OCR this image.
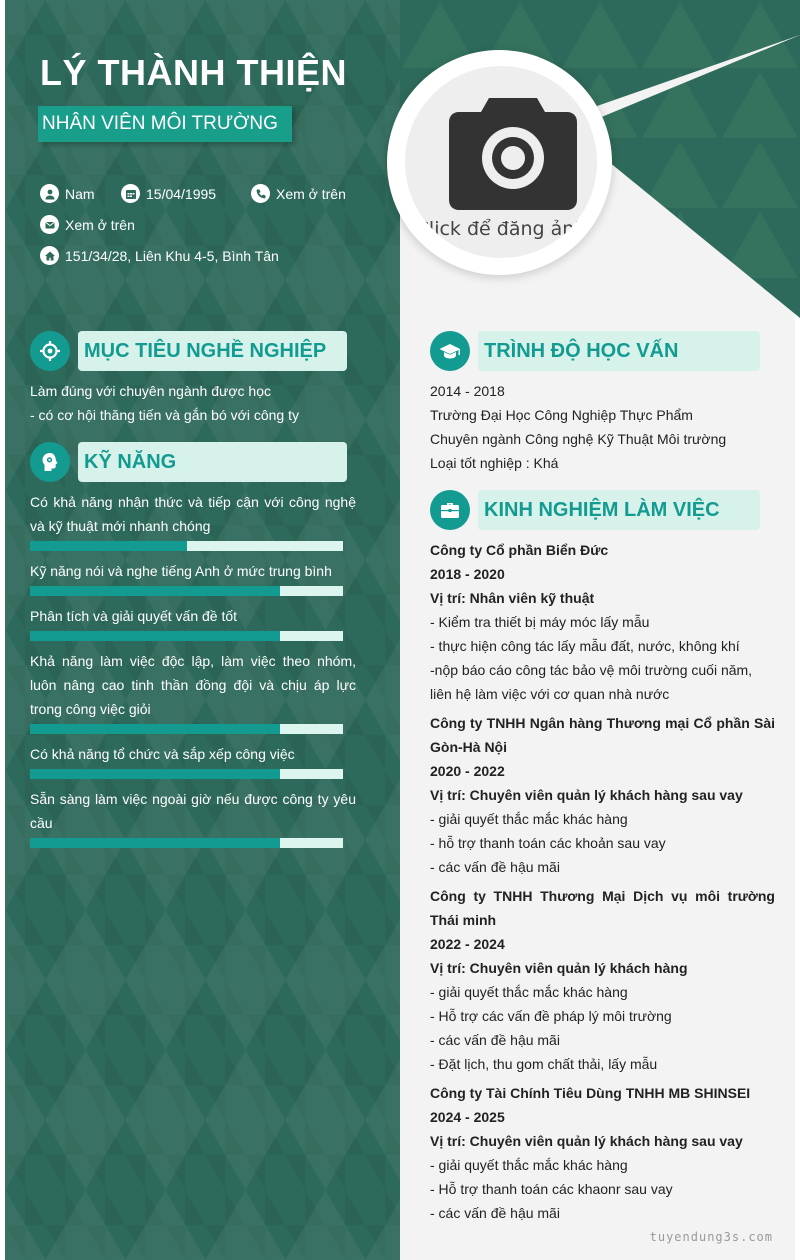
LÝ THÀNH THIỆN
NHÂN VIÊN MÔI TRƯỜNG
Nam	15/04/1995	Xem ở trên
Xem ở trên
151/34/28, Liên Khu 4-5, Bình Tân
Click để đăng ảnh
MỤC TIÊU NGHỀ NGHIỆP
Làm đúng với chuyên ngành được học
- có cơ hội thăng tiến và gắn bó với công ty
KỸ NĂNG
Có khả năng nhận thức và tiếp cận với công nghệ và kỹ thuật mới nhanh chóng
Kỹ năng nói và nghe tiếng Anh ở mức trung bình
Phân tích và giải quyết vấn đề tốt
Khả năng làm việc độc lập, làm việc theo nhóm, luôn nâng cao tinh thần đồng đội và chịu áp lực trong công việc giỏi
Có khả năng tổ chức và sắp xếp công việc
Sẵn sàng làm việc ngoài giờ nếu được công ty yêu cầu
TRÌNH ĐỘ HỌC VẤN
2014 - 2018
Trường Đại Học Công Nghiệp Thực Phẩm
Chuyên ngành Công nghệ Kỹ Thuật Môi trường
Loại tốt nghiệp : Khá
KINH NGHIỆM LÀM VIỆC
Công ty Cổ phần Biển Đức
2018 - 2020
Vị trí: Nhân viên kỹ thuật
- Kiểm tra thiết bị máy móc lấy mẫu
- thực hiện công tác lấy mẫu đất, nước, không khí
-nộp báo cáo công tác bảo vệ môi trường cuối năm, liên hệ làm việc với cơ quan nhà nước
Công ty TNHH Ngân hàng Thương mại Cổ phần Sài Gòn-Hà Nội
2020 - 2022
Vị trí: Chuyên viên quản lý khách hàng sau vay
- giải quyết thắc mắc khác hàng
- hỗ trợ thanh toán các khoản sau vay
- các vấn đề hậu mãi
Công ty TNHH Thương Mại Dịch vụ môi trường Thái minh
2022 - 2024
Vị trí: Chuyên viên quản lý khách hàng
- giải quyết thắc mắc khác hàng
- Hỗ trợ các vấn đề pháp lý môi trường
- các vấn đề hậu mãi
- Đặt lịch, thu gom chất thải, lấy mẫu
Công ty Tài Chính Tiêu Dùng TNHH MB SHINSEI
2024 - 2025
Vị trí: Chuyên viên quản lý khách hàng sau vay
- giải quyết thắc mắc khác hàng
- Hỗ trợ thanh toán các khaonr sau vay
- các vấn đề hậu mãi
tuyendung3s.com
